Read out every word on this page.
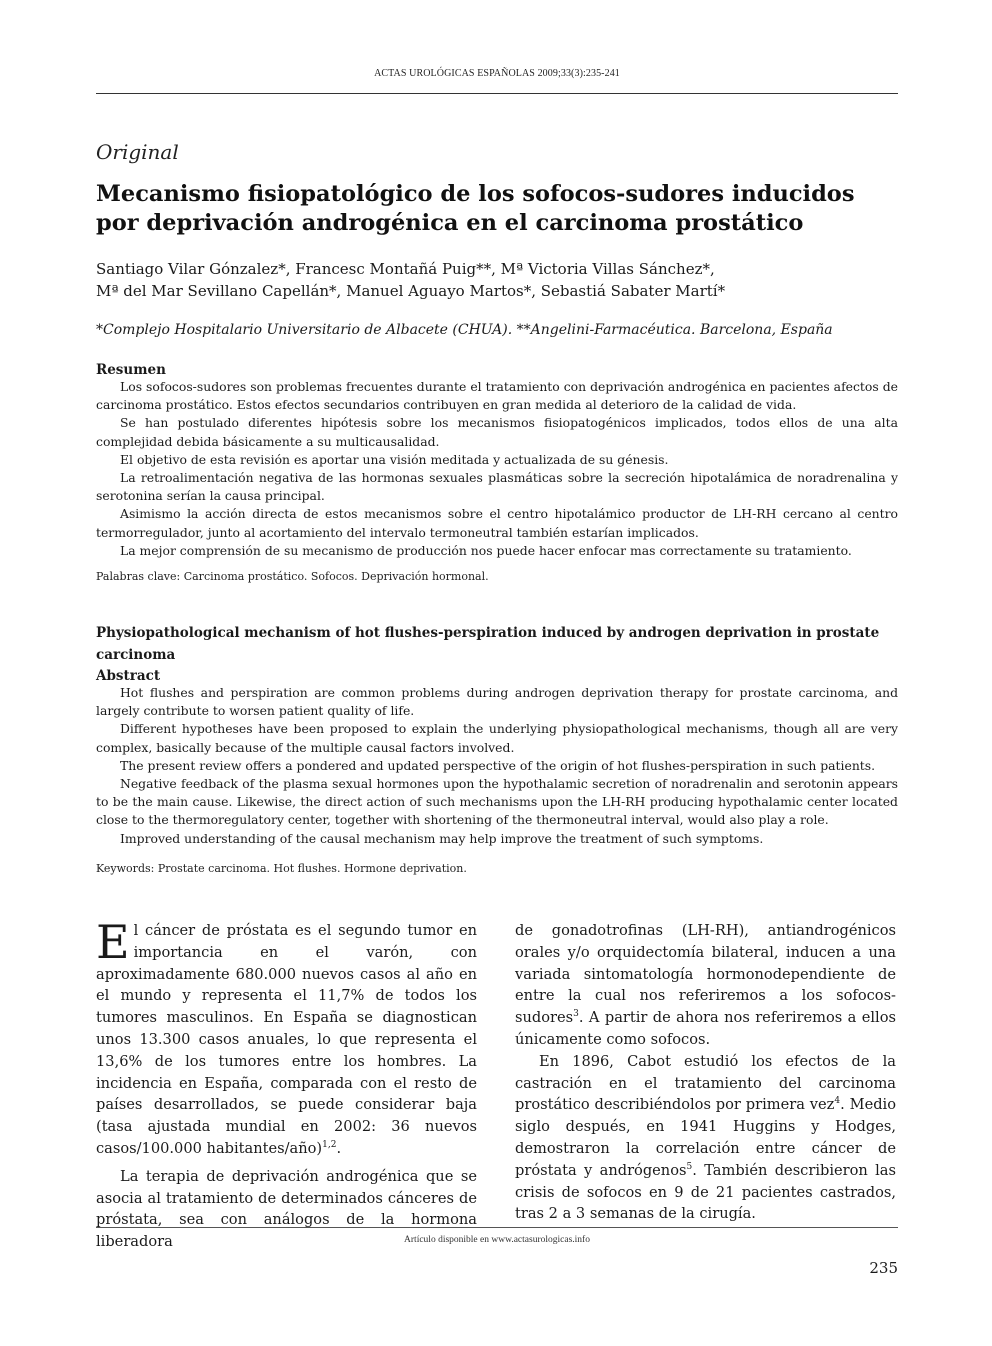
ACTAS UROLÓGICAS ESPAÑOLAS 2009;33(3):235-241
Original
Mecanismo fisiopatológico de los sofocos-sudores inducidos por deprivación androgénica en el carcinoma prostático
Santiago Vilar Gónzalez*, Francesc Montañá Puig**, Mª Victoria Villas Sánchez*,
Mª del Mar Sevillano Capellán*, Manuel Aguayo Martos*, Sebastiá Sabater Martí*
*Complejo Hospitalario Universitario de Albacete (CHUA). **Angelini-Farmacéutica. Barcelona, España
Resumen

Los sofocos-sudores son problemas frecuentes durante el tratamiento con deprivación androgénica en pacientes afectos de carcinoma prostático. Estos efectos secundarios contribuyen en gran medida al deterioro de la calidad de vida.

Se han postulado diferentes hipótesis sobre los mecanismos fisiopatogénicos implicados, todos ellos de una alta complejidad debida básicamente a su multicausalidad.

El objetivo de esta revisión es aportar una visión meditada y actualizada de su génesis.

La retroalimentación negativa de las hormonas sexuales plasmáticas sobre la secreción hipotalámica de noradrenalina y serotonina serían la causa principal.

Asimismo la acción directa de estos mecanismos sobre el centro hipotalámico productor de LH-RH cercano al centro termorregulador, junto al acortamiento del intervalo termoneutral también estarían implicados.

La mejor comprensión de su mecanismo de producción nos puede hacer enfocar mas correctamente su tratamiento.

Palabras clave: Carcinoma prostático. Sofocos. Deprivación hormonal.
Physiopathological mechanism of hot flushes-perspiration induced by androgen deprivation in prostate carcinoma
Abstract

Hot flushes and perspiration are common problems during androgen deprivation therapy for prostate carcinoma, and largely contribute to worsen patient quality of life.

Different hypotheses have been proposed to explain the underlying physiopathological mechanisms, though all are very complex, basically because of the multiple causal factors involved.

The present review offers a pondered and updated perspective of the origin of hot flushes-perspiration in such patients.

Negative feedback of the plasma sexual hormones upon the hypothalamic secretion of noradrenalin and serotonin appears to be the main cause. Likewise, the direct action of such mechanisms upon the LH-RH producing hypothalamic center located close to the thermoregulatory center, together with shortening of the thermoneutral interval, would also play a role.

Improved understanding of the causal mechanism may help improve the treatment of such symptoms.

Keywords: Prostate carcinoma. Hot flushes. Hormone deprivation.

El cáncer de próstata es el segundo tumor en importancia en el varón, con aproximadamente 680.000 nuevos casos al año en el mundo y representa el 11,7% de todos los tumores masculinos. En España se diagnostican unos 13.300 casos anuales, lo que representa el 13,6% de los tumores entre los hombres. La incidencia en España, comparada con el resto de países desarrollados, se puede considerar baja (tasa ajustada mundial en 2002: 36 nuevos casos/100.000 habitantes/año)$^{1,2}$.

La terapia de deprivación androgénica que se asocia al tratamiento de determinados cánceres de próstata, sea con análogos de la hormona liberadora

de gonadotrofinas (LH-RH), antiandrogénicos orales y/o orquidectomía bilateral, inducen a una variada sintomatología hormonodependiente de entre la cual nos referiremos a los sofocos-sudores$^3$. A partir de ahora nos referiremos a ellos únicamente como sofocos.

En 1896, Cabot estudió los efectos de la castración en el tratamiento del carcinoma prostático describiéndolos por primera vez$^4$. Medio siglo después, en 1941 Huggins y Hodges, demostraron la correlación entre cáncer de próstata y andrógenos$^5$. También describieron las crisis de sofocos en 9 de 21 pacientes castrados, tras 2 a 3 semanas de la cirugía.

Artículo disponible en www.actasurologicas.info
235
